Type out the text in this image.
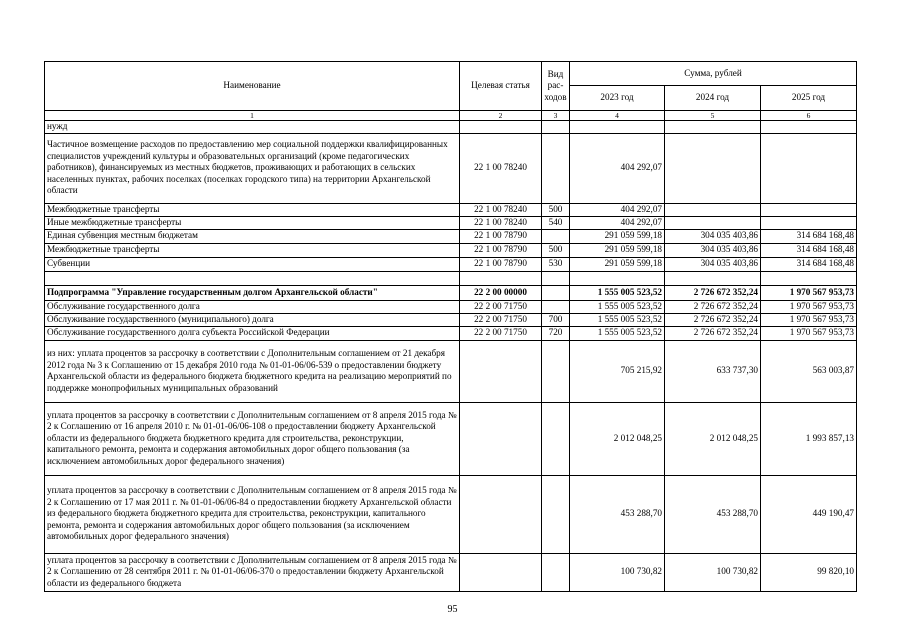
Наименование	Целевая статья	Вид рас-ходов	Сумма, рублей		
			2023 год	2024 год	2025 год
1	2	3	4	5	6
нужд					
Частичное возмещение расходов по предоставлению мер социальной поддержки квалифицированных специалистов учреждений культуры и образовательных организаций (кроме педагогических работников), финансируемых из местных бюджетов, проживающих и работающих в сельских населенных пунктах, рабочих поселках (поселках городского типа) на территории Архангельской области	22 1 00 78240		404 292,07		
Межбюджетные трансферты	22 1 00 78240	500	404 292,07		
Иные межбюджетные трансферты	22 1 00 78240	540	404 292,07		
Единая субвенция местным бюджетам	22 1 00 78790		291 059 599,18	304 035 403,86	314 684 168,48
Межбюджетные трансферты	22 1 00 78790	500	291 059 599,18	304 035 403,86	314 684 168,48
Субвенции	22 1 00 78790	530	291 059 599,18	304 035 403,86	314 684 168,48

Подпрограмма "Управление государственным долгом Архангельской области"	22 2 00 00000		1 555 005 523,52	2 726 672 352,24	1 970 567 953,73
Обслуживание государственного долга	22 2 00 71750		1 555 005 523,52	2 726 672 352,24	1 970 567 953,73
Обслуживание государственного (муниципального) долга	22 2 00 71750	700	1 555 005 523,52	2 726 672 352,24	1 970 567 953,73
Обслуживание государственного долга субъекта Российской Федерации	22 2 00 71750	720	1 555 005 523,52	2 726 672 352,24	1 970 567 953,73
из них: уплата процентов за рассрочку в соответствии с Дополнительным соглашением от 21 декабря 2012 года № 3 к Соглашению от 15 декабря 2010 года № 01-01-06/06-539 о предоставлении бюджету Архангельской области из федерального бюджета бюджетного кредита на реализацию мероприятий по поддержке монопрофильных муниципальных образований			705 215,92	633 737,30	563 003,87
уплата процентов за рассрочку в соответствии с Дополнительным соглашением от 8 апреля 2015 года № 2 к Соглашению от 16 апреля 2010 г. № 01-01-06/06-108 о предоставлении бюджету Архангельской области из федерального бюджета бюджетного кредита для строительства, реконструкции, капитального ремонта, ремонта и содержания автомобильных дорог общего пользования (за исключением автомобильных дорог федерального значения)			2 012 048,25	2 012 048,25	1 993 857,13
уплата процентов за рассрочку в соответствии с Дополнительным соглашением от 8 апреля 2015 года № 2 к Соглашению от 17 мая 2011 г. № 01-01-06/06-84 о предоставлении бюджету Архангельской области из федерального бюджета бюджетного кредита для строительства, реконструкции, капитального ремонта, ремонта и содержания автомобильных дорог общего пользования (за исключением автомобильных дорог федерального значения)			453 288,70	453 288,70	449 190,47
уплата процентов за рассрочку в соответствии с Дополнительным соглашением от 8 апреля 2015 года № 2 к Соглашению от 28 сентября 2011 г. № 01-01-06/06-370 о предоставлении бюджету Архангельской области из федерального бюджета			100 730,82	100 730,82	99 820,10
95
